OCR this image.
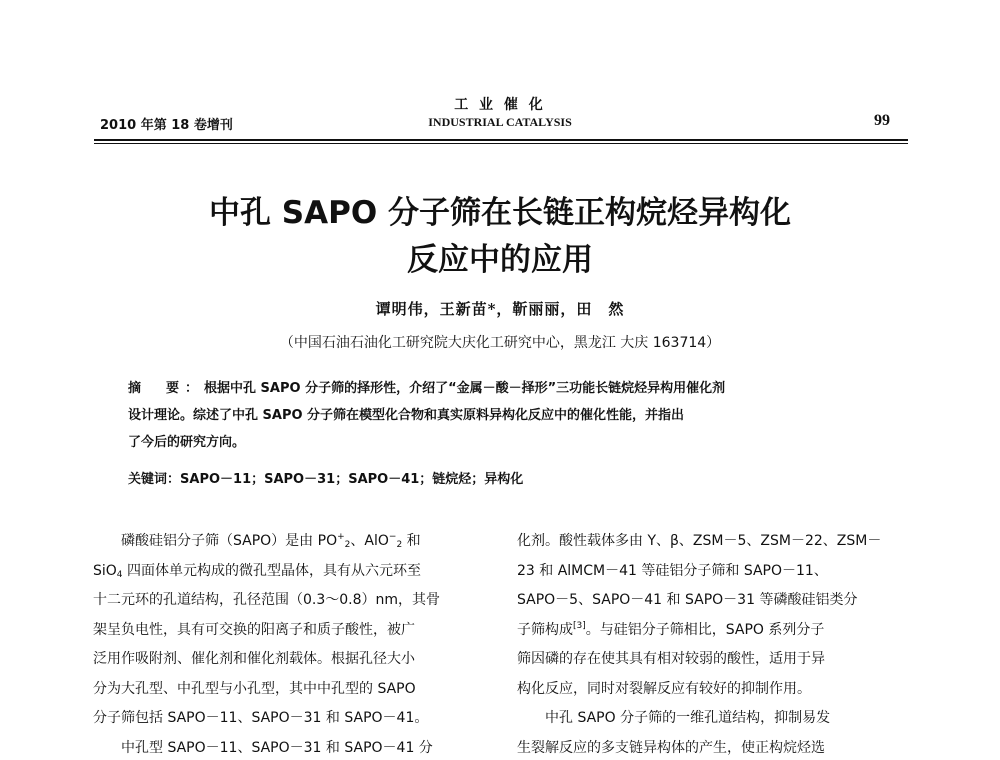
2010 年第 18 卷增刊
工 业 催 化
INDUSTRIAL CATALYSIS	99
中孔 SAPO 分子筛在长链正构烷烃异构化
反应中的应用
谭明伟，王新苗*，靳丽丽，田　然
（中国石油石油化工研究院大庆化工研究中心，黑龙江 大庆 163714）
摘　要：根据中孔 SAPO 分子筛的择形性，介绍了“金属－酸－择形”三功能长链烷烃异构用催化剂
设计理论。综述了中孔 SAPO 分子筛在模型化合物和真实原料异构化反应中的催化性能，并指出
了今后的研究方向。
关键词：SAPO－11；SAPO－31；SAPO－41；链烷烃；异构化
磷酸硅铝分子筛（SAPO）是由 $PO^+_2$、AlO−$_2$ 和
SiO$_4$ 四面体单元构成的微孔型晶体，具有从六元环至
十二元环的孔道结构，孔径范围（0.3～0.8）nm，其骨
架呈负电性，具有可交换的阳离子和质子酸性，被广
泛用作吸附剂、催化剂和催化剂载体。根据孔径大小
分为大孔型、中孔型与小孔型，其中中孔型的 SAPO
分子筛包括 SAPO－11、SAPO－31 和 SAPO－41。
中孔型 SAPO－11、SAPO－31 和 SAPO－41 分
化剂。酸性载体多由 Y、β、ZSM－5、ZSM－22、ZSM－
23 和 AlMCM－41 等硅铝分子筛和 SAPO－11、
SAPO－5、SAPO－41 和 SAPO－31 等磷酸硅铝类分
子筛构成[3]。与硅铝分子筛相比，SAPO 系列分子
筛因磷的存在使其具有相对较弱的酸性，适用于异
构化反应，同时对裂解反应有较好的抑制作用。
中孔 SAPO 分子筛的一维孔道结构，抑制易发
生裂解反应的多支链异构体的产生，使正构烷烃选
